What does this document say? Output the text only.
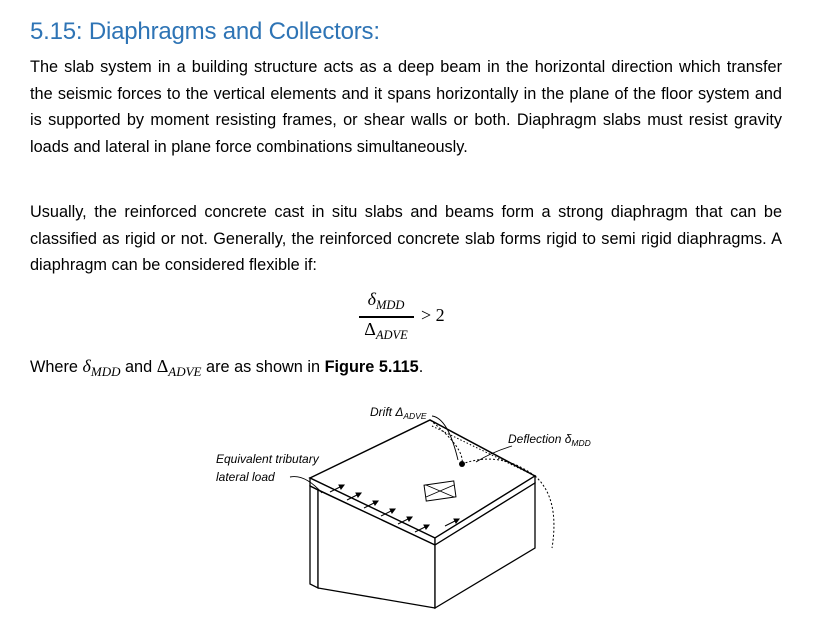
5.15: Diaphragms and Collectors:

The slab system in a building structure acts as a deep beam in the horizontal direction which transfer the seismic forces to the vertical elements and it spans horizontally in the plane of the floor system and is supported by moment resisting frames, or shear walls or both. Diaphragm slabs must resist gravity loads and lateral in plane force combinations simultaneously.

Usually, the reinforced concrete cast in situ slabs and beams form a strong diaphragm that can be classified as rigid or not. Generally, the reinforced concrete slab forms rigid to semi rigid diaphragms. A diaphragm can be considered flexible if:

$\delta_{MDD}$
$\Delta_{ADVE}$
> 2

Where $\delta_{MDD}$ and $\Delta_{ADVE}$ are as shown in Figure 5.115.

Drift $\Delta_{ADVE}$
Deflection $\delta_{MDD}$
Equivalent tributary
lateral load
